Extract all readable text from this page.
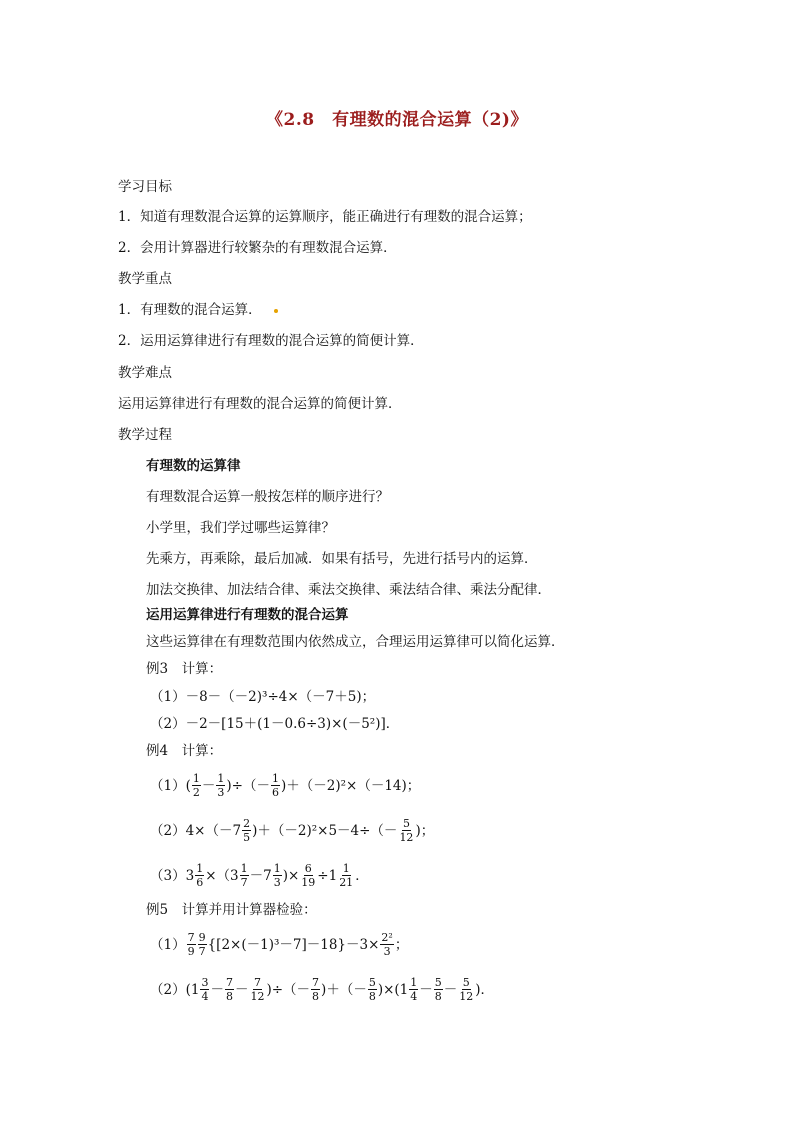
《2.8　有理数的混合运算（2)》
学习目标
1．知道有理数混合运算的运算顺序，能正确进行有理数的混合运算；
2．会用计算器进行较繁杂的有理数混合运算．
教学重点
1．有理数的混合运算．
2．运用运算律进行有理数的混合运算的简便计算．
教学难点
运用运算律进行有理数的混合运算的简便计算．
教学过程
有理数的运算律
有理数混合运算一般按怎样的顺序进行？
小学里，我们学过哪些运算律？
先乘方，再乘除，最后加减．如果有括号，先进行括号内的运算．
加法交换律、加法结合律、乘法交换律、乘法结合律、乘法分配律．
运用运算律进行有理数的混合运算
这些运算律在有理数范围内依然成立，合理运用运算律可以简化运算．
例3　计算：
（1）－8－（－2)³÷4×（－7＋5)；
（2）－2－[15＋(1－0.6÷3)×(－5²)]．
例4　计算：
$(1)( \frac{1}{2} - \frac{1}{3}$ )÷（－ $\frac{1}{6} )+(-2)^2\times(-14)$；
$(2)4\times(-7 \frac{2}{5} )+(-2)^2\times 5-4\div(- \frac{5}{12}$ )；
$(3)3 \frac{1}{6} \times(3 \frac{1}{7} -7 \frac{1}{3}$ )× $\frac{6}{19} \div 1 \frac{1}{21}$ ．
例5　计算并用计算器检验：
$(1) \frac{7}{9} \frac{9}{7} \{[2\times(-1)^3-7]-18\}-3\times \frac{\text{2²}}{3}$ ；
$(2)(1 \frac{3}{4} - \frac{7}{8} - \frac{7}{12}$ )÷（－ $\frac{7}{8}$ )＋（－ $\frac{5}{8} )\times(1 \frac{1}{4} - \frac{5}{8} - \frac{5}{12}$ )．
